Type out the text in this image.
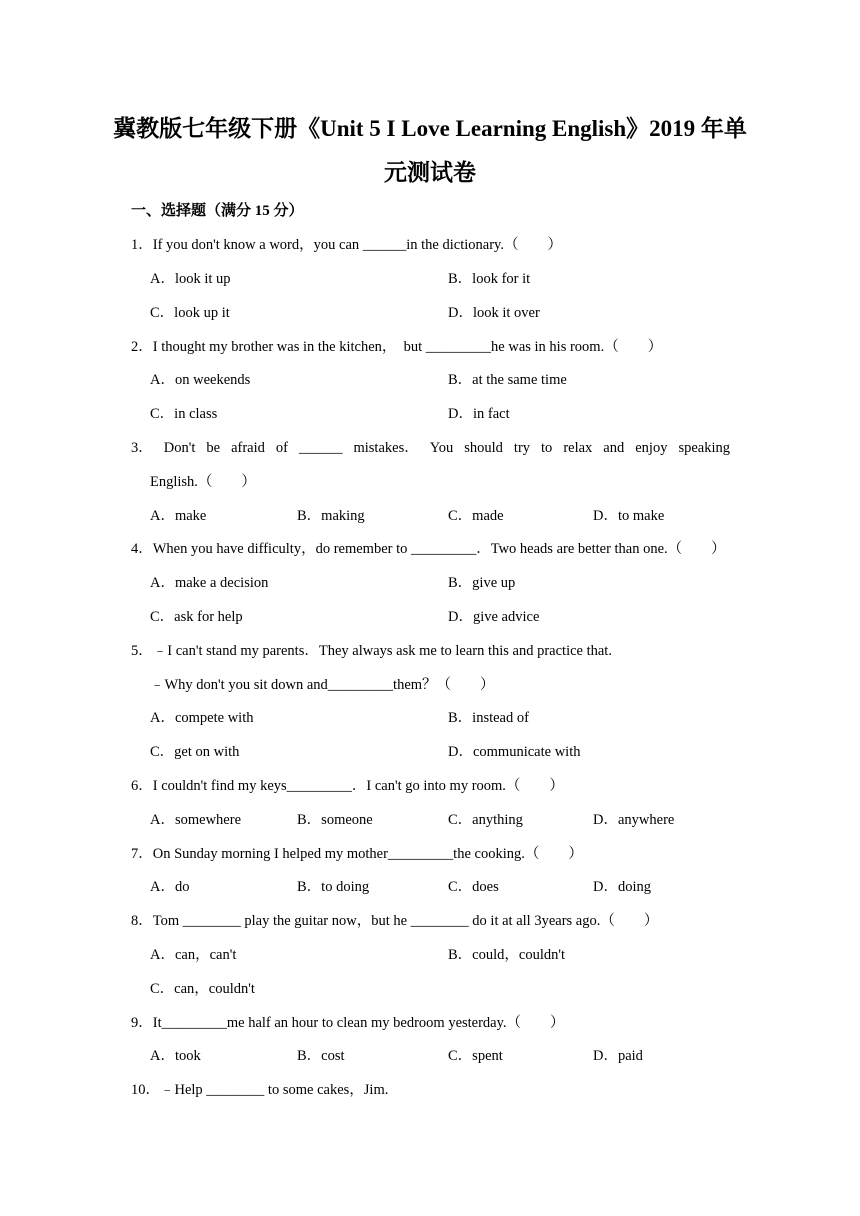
冀教版七年级下册《Unit 5 I Love Learning English》2019 年单
元测试卷
一、选择题（满分 15 分）
1．If you don't know a word，you can ______in the dictionary.（　　）
A．look it up	B．look for it
C．look up it	D．look it over
2．I thought my brother was in the kitchen，　but _________he was in his room.（　　）
A．on weekends	B．at the same time
C．in class	D．in fact
3． Don't be afraid of ______ mistakes． You should try to relax and enjoy speaking
English.（　　）
A．make	B．making	C．made	D．to make
4．When you have difficulty，do remember to _________．Two heads are better than one.（　　）
A．make a decision	B．give up
C．ask for help	D．give advice
5．﹣I can't stand my parents．They always ask me to learn this and practice that.
﹣Why don't you sit down and_________them？（　　）
A．compete with	B．instead of
C．get on with	D．communicate with
6．I couldn't find my keys_________．I can't go into my room.（　　）
A．somewhere	B．someone	C．anything	D．anywhere
7．On Sunday morning I helped my mother_________the cooking.（　　）
A．do	B．to doing	C．does	D．doing
8．Tom ________ play the guitar now，but he ________ do it at all 3years ago.（　　）
A．can，can't	B．could，couldn't
C．can，couldn't
9．It_________me half an hour to clean my bedroom yesterday.（　　）
A．took	B．cost	C．spent	D．paid
10．﹣Help ________ to some cakes，Jim.
